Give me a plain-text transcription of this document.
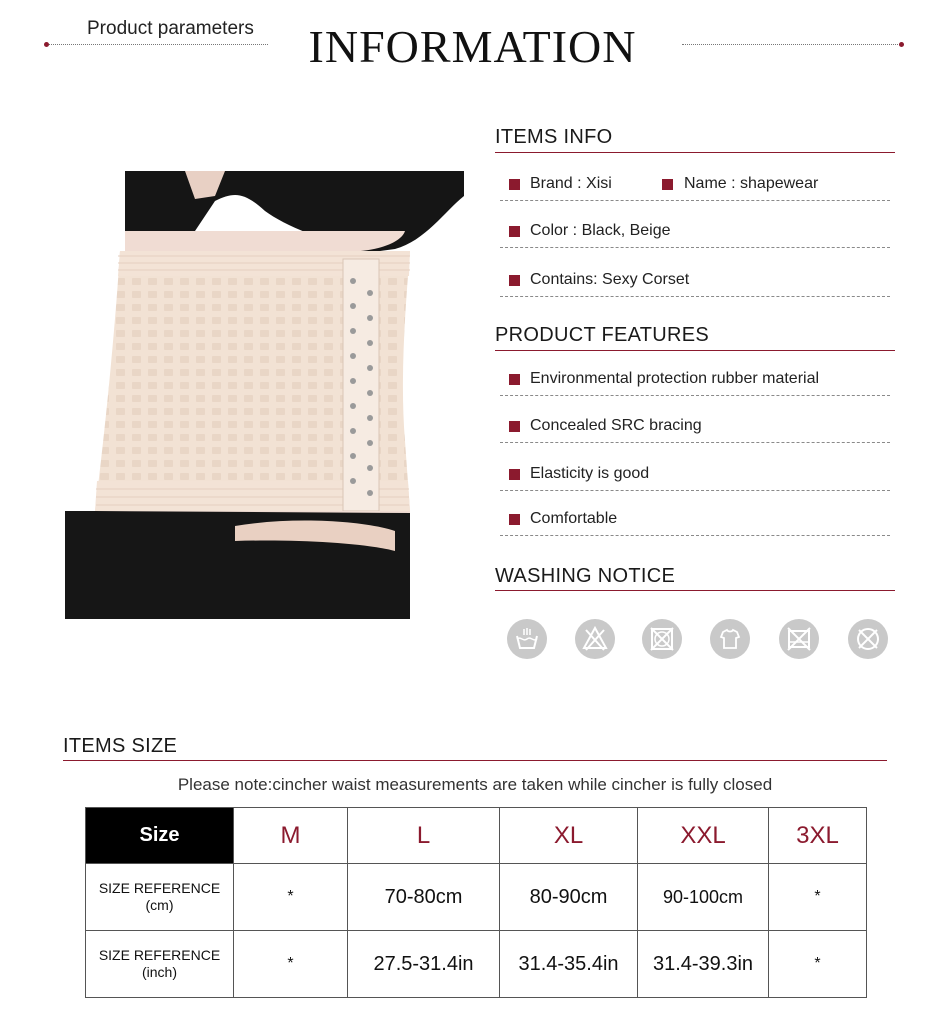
Product parameters INFORMATION
ITEMS INFO
Brand : Xisi	Name : shapewear
Color : Black, Beige
Contains: Sexy Corset
PRODUCT FEATURES
Environmental protection rubber material
Concealed SRC bracing
Elasticity is good
Comfortable
WASHING NOTICE
ITEMS SIZE
Please note:cincher waist measurements are taken while cincher is fully closed
Size	M	L	XL	XXL	3XL

SIZE REFERENCE
(cm)	*	70-80cm	80-90cm	90-100cm	*

SIZE REFERENCE
(inch)	*	27.5-31.4in	31.4-35.4in	31.4-39.3in	*
